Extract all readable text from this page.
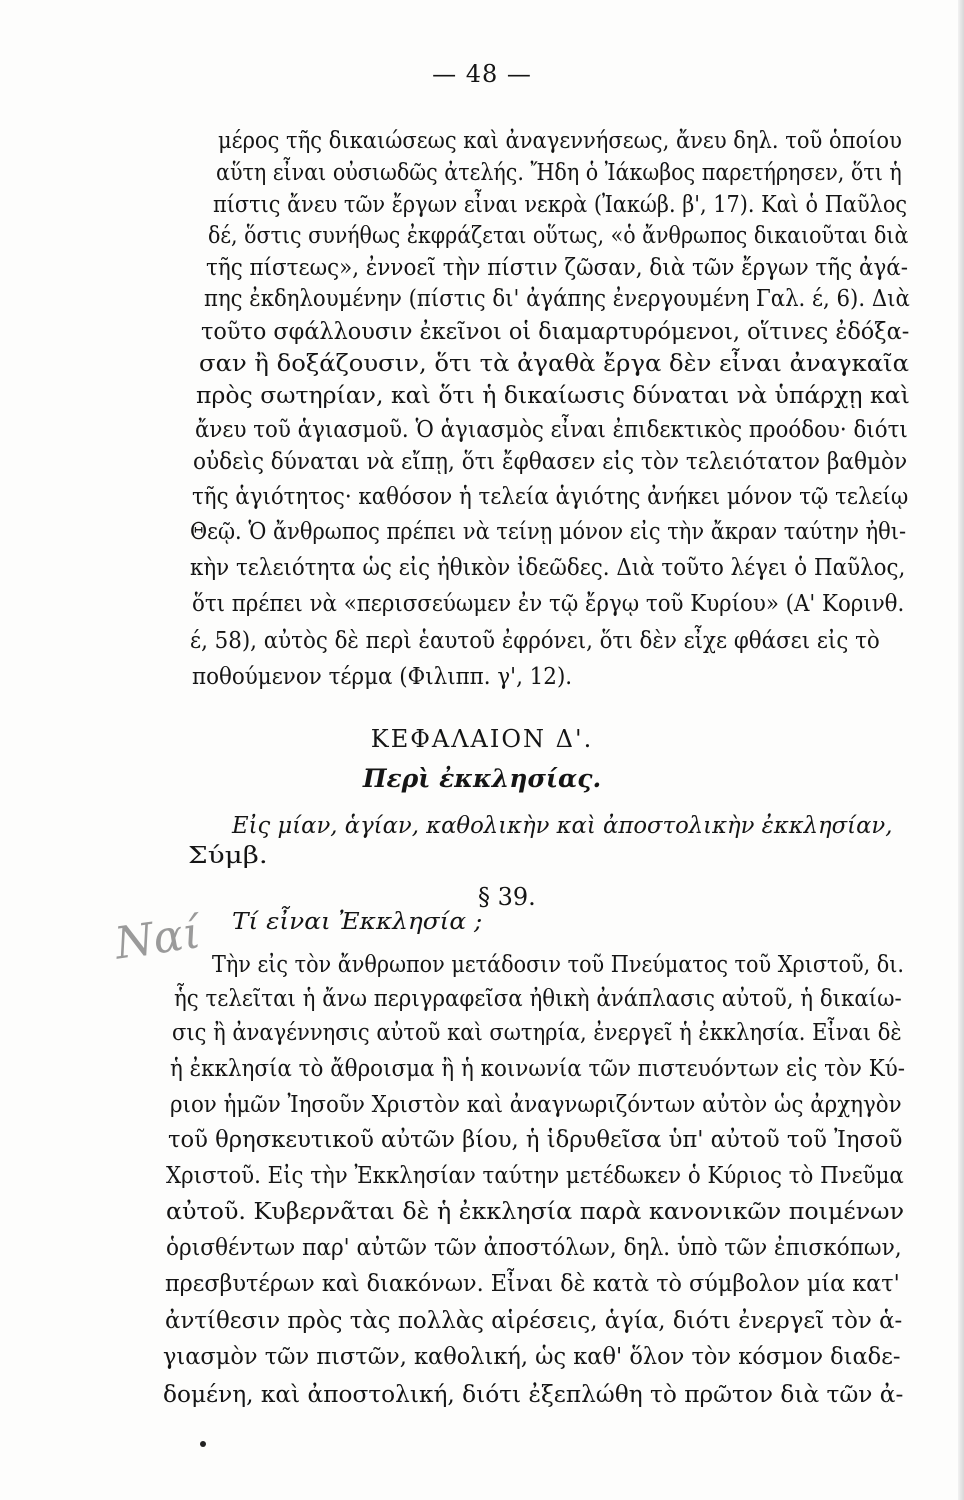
— 48 —
μέρος τῆς δικαιώσεως καὶ ἀναγεννήσεως, ἄνευ δηλ. τοῦ ὁποίου
αὕτη εἶναι οὐσιωδῶς ἀτελής. Ἤδη ὁ Ἰάκωβος παρετήρησεν, ὅτι ἡ
πίστις ἄνευ τῶν ἔργων εἶναι νεκρὰ (Ἰακώβ. β', 17). Καὶ ὁ Παῦλος
δέ, ὅστις συνήθως ἐκφράζεται οὕτως, «ὁ ἄνθρωπος δικαιοῦται διὰ
τῆς πίστεως», ἐννοεῖ τὴν πίστιν ζῶσαν, διὰ τῶν ἔργων τῆς ἀγά-
πης ἐκδηλουμένην (πίστις δι' ἀγάπης ἐνεργουμένη Γαλ. έ, 6). Διὰ
τοῦτο σφάλλουσιν ἐκεῖνοι οἱ διαμαρτυρόμενοι, οἵτινες ἐδόξα-
σαν ἢ δοξάζουσιν, ὅτι τὰ ἀγαθὰ ἔργα δὲν εἶναι ἀναγκαῖα
πρὸς σωτηρίαν, καὶ ὅτι ἡ δικαίωσις δύναται νὰ ὑπάρχῃ καὶ
ἄνευ τοῦ ἁγιασμοῦ. Ὁ ἁγιασμὸς εἶναι ἐπιδεκτικὸς προόδου· διότι
οὐδεὶς δύναται νὰ εἴπῃ, ὅτι ἔφθασεν εἰς τὸν τελειότατον βαθμὸν
τῆς ἁγιότητος· καθόσον ἡ τελεία ἁγιότης ἀνήκει μόνον τῷ τελείῳ
Θεῷ. Ὁ ἄνθρωπος πρέπει νὰ τείνῃ μόνον εἰς τὴν ἄκραν ταύτην ἠθι-
κὴν τελειότητα ὡς εἰς ἠθικὸν ἰδεῶδες. Διὰ τοῦτο λέγει ὁ Παῦλος,
ὅτι πρέπει νὰ «περισσεύωμεν ἐν τῷ ἔργῳ τοῦ Κυρίου» (Α' Κορινθ.
έ, 58), αὐτὸς δὲ περὶ ἑαυτοῦ ἐφρόνει, ὅτι δὲν εἶχε φθάσει εἰς τὸ
ποθούμενον τέρμα (Φιλιππ. γ', 12).
ΚΕΦΑΛΑΙΟΝ Δ'.
Περὶ ἐκκλησίας.
Εἰς μίαν, ἁγίαν, καθολικὴν καὶ ἀποστολικὴν ἐκκλησίαν,
Σύμβ.
§ 39.
Ναί Τί εἶναι Ἐκκλησία ;
Τὴν εἰς τὸν ἄνθρωπον μετάδοσιν τοῦ Πνεύματος τοῦ Χριστοῦ, δι.
ἧς τελεῖται ἡ ἄνω περιγραφεῖσα ἠθικὴ ἀνάπλασις αὐτοῦ, ἡ δικαίω-
σις ἢ ἀναγέννησις αὐτοῦ καὶ σωτηρία, ἐνεργεῖ ἡ ἐκκλησία. Εἶναι δὲ
ἡ ἐκκλησία τὸ ἄθροισμα ἢ ἡ κοινωνία τῶν πιστευόντων εἰς τὸν Κύ-
ριον ἡμῶν Ἰησοῦν Χριστὸν καὶ ἀναγνωριζόντων αὐτὸν ὡς ἀρχηγὸν
τοῦ θρησκευτικοῦ αὐτῶν βίου, ἡ ἱδρυθεῖσα ὑπ' αὐτοῦ τοῦ Ἰησοῦ
Χριστοῦ. Εἰς τὴν Ἐκκλησίαν ταύτην μετέδωκεν ὁ Κύριος τὸ Πνεῦμα
αὐτοῦ. Κυβερνᾶται δὲ ἡ ἐκκλησία παρὰ κανονικῶν ποιμένων
ὁρισθέντων παρ' αὐτῶν τῶν ἀποστόλων, δηλ. ὑπὸ τῶν ἐπισκόπων,
πρεσβυτέρων καὶ διακόνων. Εἶναι δὲ κατὰ τὸ σύμβολον μία κατ'
ἀντίθεσιν πρὸς τὰς πολλὰς αἱρέσεις, ἁγία, διότι ἐνεργεῖ τὸν ἁ-
γιασμὸν τῶν πιστῶν, καθολική, ὡς καθ' ὅλον τὸν κόσμον διαδε-
δομένη, καὶ ἀποστολική, διότι ἐξεπλώθη τὸ πρῶτον διὰ τῶν ἀ-
